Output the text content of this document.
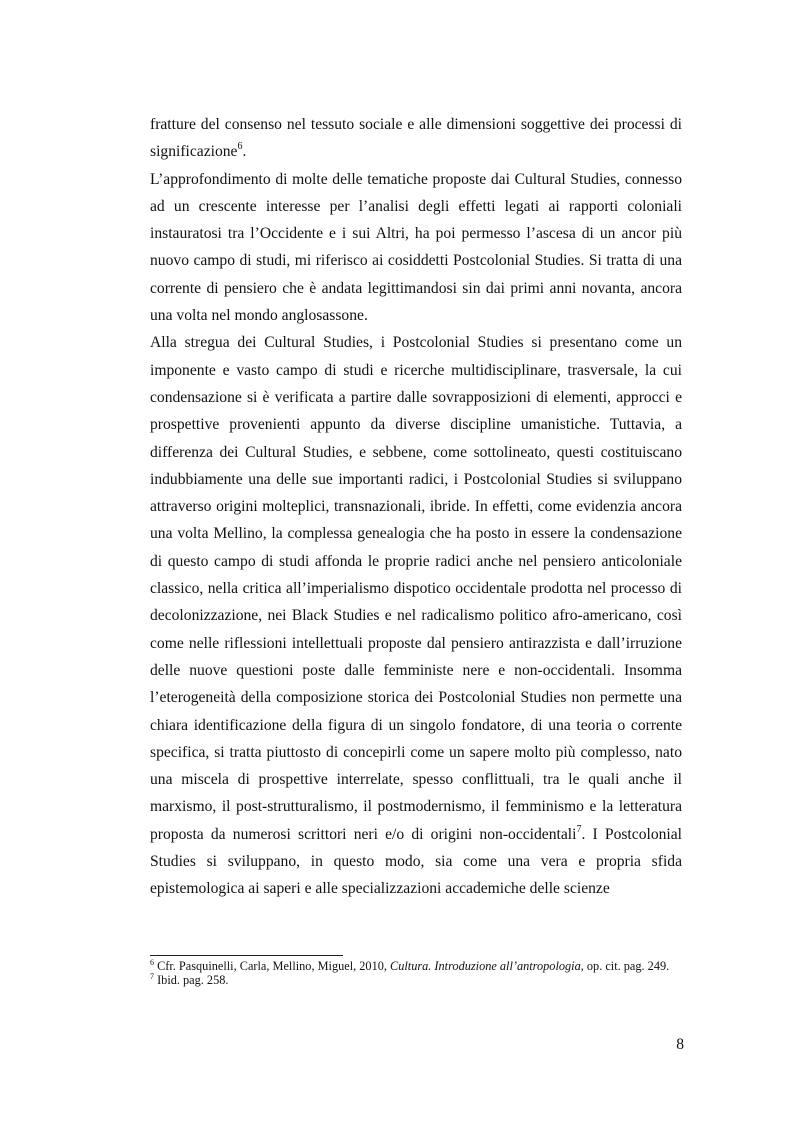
fratture del consenso nel tessuto sociale e alle dimensioni soggettive dei processi di significazione$^6$.

L’approfondimento di molte delle tematiche proposte dai Cultural Studies, connesso ad un crescente interesse per l’analisi degli effetti legati ai rapporti coloniali instauratosi tra l’Occidente e i sui Altri, ha poi permesso l’ascesa di un ancor più nuovo campo di studi, mi riferisco ai cosiddetti Postcolonial Studies. Si tratta di una corrente di pensiero che è andata legittimandosi sin dai primi anni novanta, ancora una volta nel mondo anglosassone.

Alla stregua dei Cultural Studies, i Postcolonial Studies si presentano come un imponente e vasto campo di studi e ricerche multidisciplinare, trasversale, la cui condensazione si è verificata a partire dalle sovrapposizioni di elementi, approcci e prospettive provenienti appunto da diverse discipline umanistiche. Tuttavia, a differenza dei Cultural Studies, e sebbene, come sottolineato, questi costituiscano indubbiamente una delle sue importanti radici, i Postcolonial Studies si sviluppano attraverso origini molteplici, transnazionali, ibride. In effetti, come evidenzia ancora una volta Mellino, la complessa genealogia che ha posto in essere la condensazione di questo campo di studi affonda le proprie radici anche nel pensiero anticoloniale classico, nella critica all’imperialismo dispotico occidentale prodotta nel processo di decolonizzazione, nei Black Studies e nel radicalismo politico afro-americano, così come nelle riflessioni intellettuali proposte dal pensiero antirazzista e dall’irruzione delle nuove questioni poste dalle femministe nere e non-occidentali. Insomma l’eterogeneità della composizione storica dei Postcolonial Studies non permette una chiara identificazione della figura di un singolo fondatore, di una teoria o corrente specifica, si tratta piuttosto di concepirli come un sapere molto più complesso, nato una miscela di prospettive interrelate, spesso conflittuali, tra le quali anche il marxismo, il post-strutturalismo, il postmodernismo, il femminismo e la letteratura proposta da numerosi scrittori neri e/o di origini non-occidentali$^7$. I Postcolonial Studies si sviluppano, in questo modo, sia come una vera e propria sfida epistemologica ai saperi e alle specializzazioni accademiche delle scienze

$^6$ Cfr. Pasquinelli, Carla, Mellino, Miguel, 2010, Cultura. Introduzione all’antropologia, op. cit. pag. 249.

$^7$ Ibid. pag. 258.

8
